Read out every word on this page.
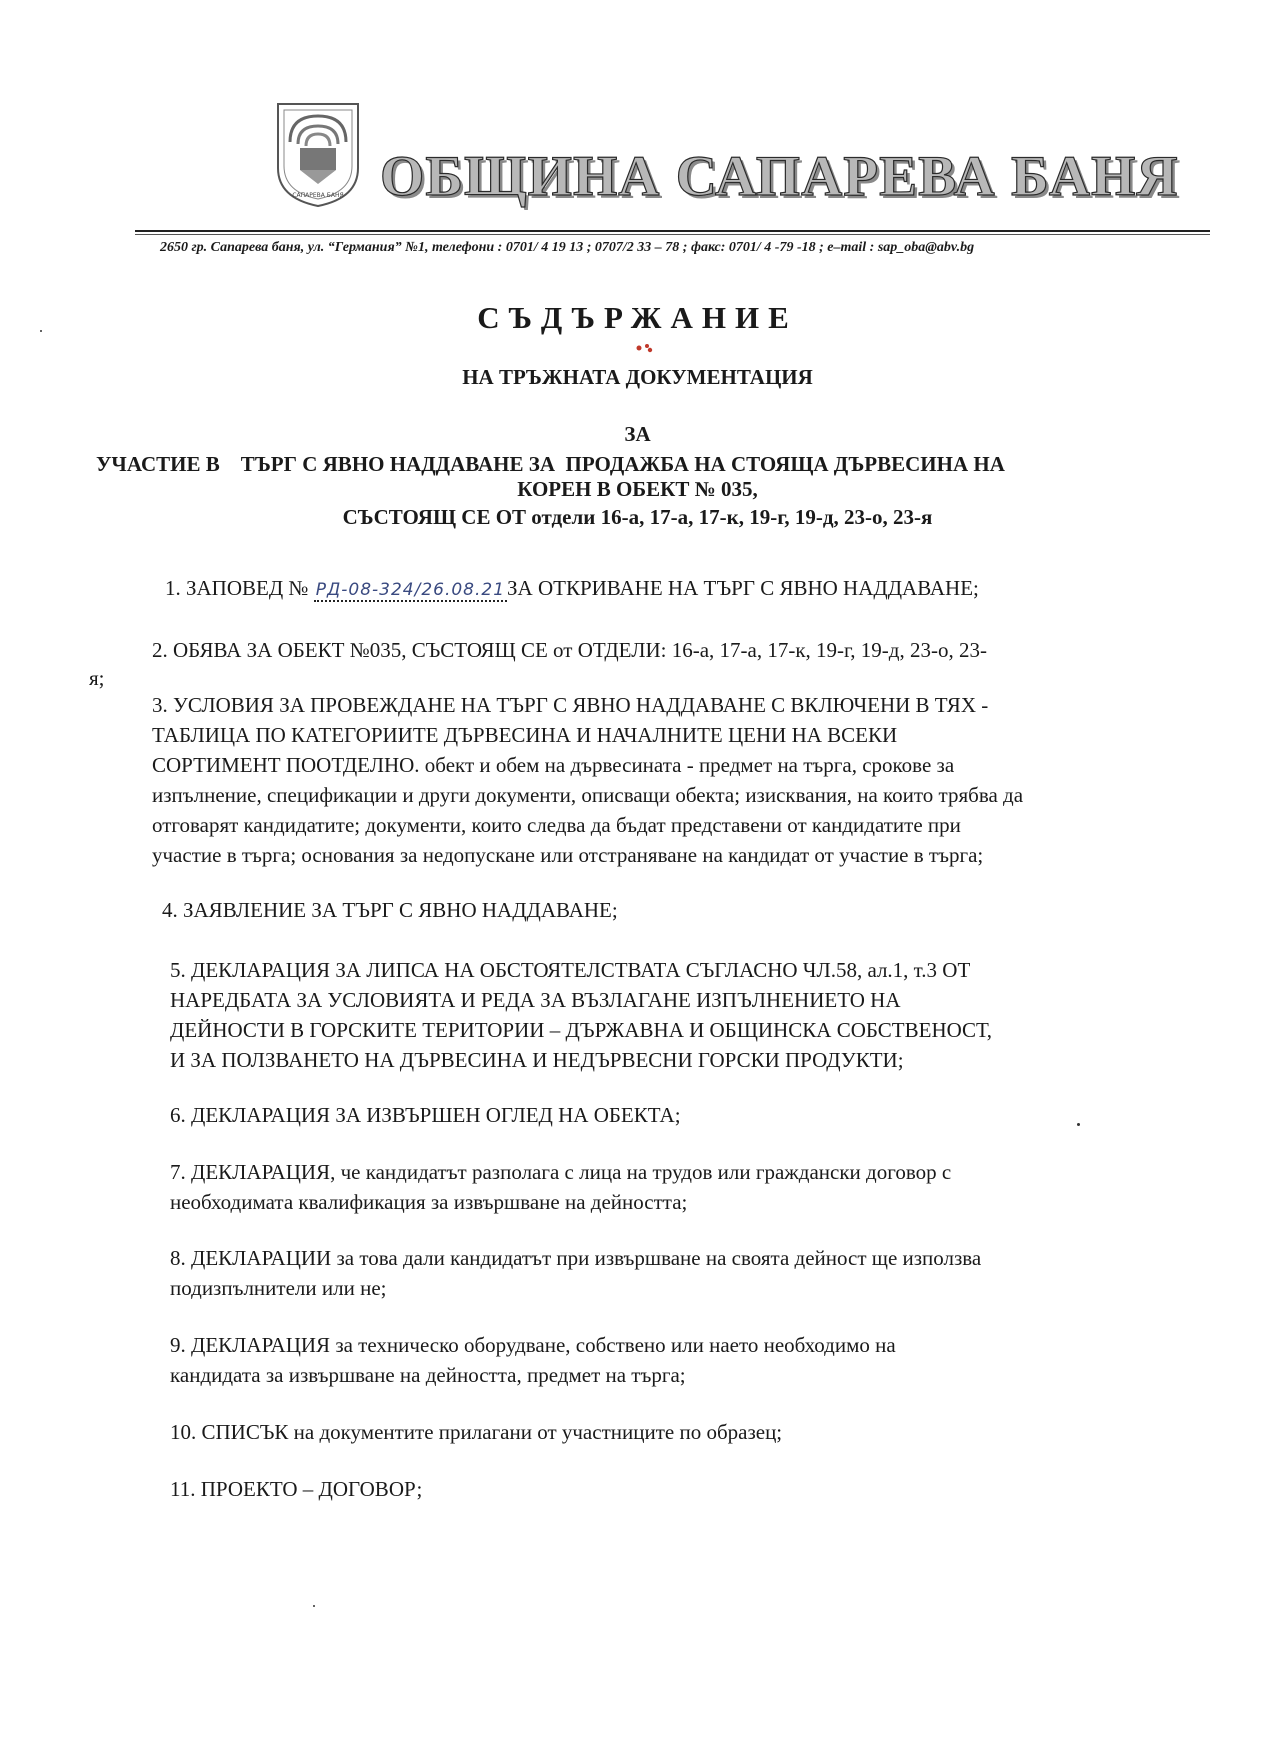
САПАРЕВА БАНЯ ОБЩИНА САПАРЕВА БАНЯ
2650 гр. Сапарева баня, ул. “Германия” №1, телефони : 0701/ 4 19 13 ; 0707/2 33 – 78 ; факс: 0701/ 4 -79 -18 ; e–mail : sap_oba@abv.bg
СЪДЪРЖАНИЕ
НА ТРЪЖНАТА ДОКУМЕНТАЦИЯ
ЗА
УЧАСТИЕ В    ТЪРГ С ЯВНО НАДДАВАНЕ ЗА  ПРОДАЖБА НА СТОЯЩА ДЪРВЕСИНА НА
КОРЕН В ОБЕКТ № 035,
СЪСТОЯЩ СЕ ОТ отдели 16-а, 17-а, 17-к, 19-г, 19-д, 23-о, 23-я
1. ЗАПОВЕД № РД-08-324/26.08.21ЗА ОТКРИВАНЕ НА ТЪРГ С ЯВНО НАДДАВАНЕ;
2. ОБЯВА ЗА ОБЕКТ №035, СЪСТОЯЩ СЕ от ОТДЕЛИ: 16-а, 17-а, 17-к, 19-г, 19-д, 23-о, 23-
я;
3. УСЛОВИЯ ЗА ПРОВЕЖДАНЕ НА ТЪРГ С ЯВНО НАДДАВАНЕ С ВКЛЮЧЕНИ В ТЯХ -
ТАБЛИЦА ПО КАТЕГОРИИТЕ ДЪРВЕСИНА И НАЧАЛНИТЕ ЦЕНИ НА ВСЕКИ
СОРТИМЕНТ ПООТДЕЛНО. обект и обем на дървесината - предмет на търга, срокове за
изпълнение, спецификации и други документи, описващи обекта; изисквания, на които трябва да
отговарят кандидатите; документи, които следва да бъдат представени от кандидатите при
участие в търга; основания за недопускане или отстраняване на кандидат от участие в търга;
4. ЗАЯВЛЕНИЕ ЗА ТЪРГ С ЯВНО НАДДАВАНЕ;
5. ДЕКЛАРАЦИЯ ЗА ЛИПСА НА ОБСТОЯТЕЛСТВАТА СЪГЛАСНО ЧЛ.58, ал.1, т.3 ОТ
НАРЕДБАТА ЗА УСЛОВИЯТА И РЕДА ЗА ВЪЗЛАГАНЕ ИЗПЪЛНЕНИЕТО НА
ДЕЙНОСТИ В ГОРСКИТЕ ТЕРИТОРИИ – ДЪРЖАВНА И ОБЩИНСКА СОБСТВЕНОСТ,
И ЗА ПОЛЗВАНЕТО НА ДЪРВЕСИНА И НЕДЪРВЕСНИ ГОРСКИ ПРОДУКТИ;
6. ДЕКЛАРАЦИЯ ЗА ИЗВЪРШЕН ОГЛЕД НА ОБЕКТА;
7. ДЕКЛАРАЦИЯ, че кандидатът разполага с лица на трудов или граждански договор с
необходимата квалификация за извършване на дейността;
8. ДЕКЛАРАЦИИ за това дали кандидатът при извършване на своята дейност ще използва
подизпълнители или не;
9. ДЕКЛАРАЦИЯ за техническо оборудване, собствено или наето необходимо на
кандидата за извършване на дейността, предмет на търга;
10. СПИСЪК на документите прилагани от участниците по образец;
11. ПРОЕКТО – ДОГОВОР;
